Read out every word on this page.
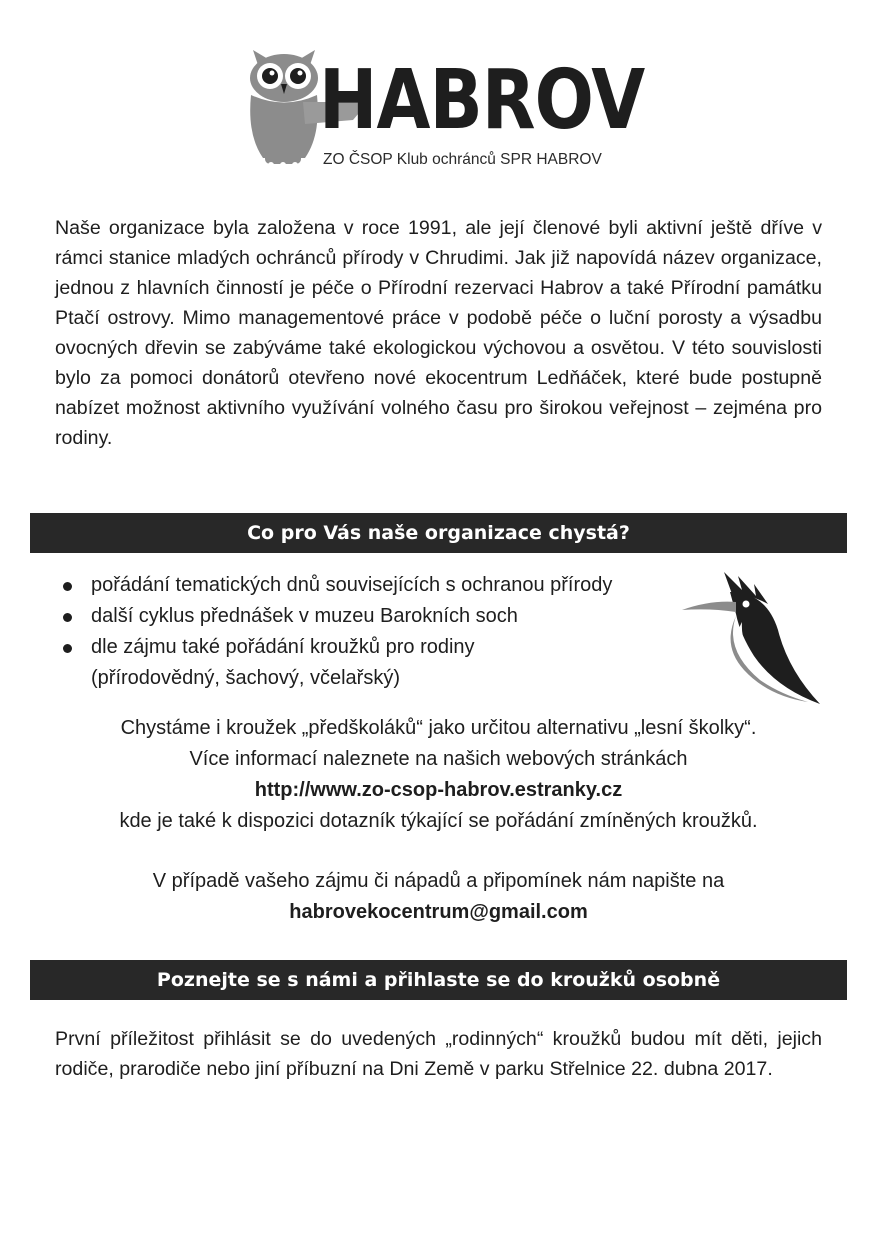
HABROV
ZO ČSOP Klub ochránců SPR HABROV

Naše organizace byla založena v roce 1991, ale její členové byli aktivní ještě dříve v rámci stanice mladých ochránců přírody v Chrudimi. Jak již napovídá název organizace, jednou z hlavních činností je péče o Přírodní rezervaci Habrov a také Přírodní památku Ptačí ostrovy. Mimo managementové práce v podobě péče o luční porosty a výsadbu ovocných dřevin se zabýváme také ekologickou výchovou a osvětou. V této souvislosti bylo za pomoci donátorů otevřeno nové ekocentrum Ledňáček, které bude postupně nabízet možnost aktivního využívání volného času pro širokou veřejnost – zejména pro rodiny.

Co pro Vás naše organizace chystá?
pořádání tematických dnů souvisejících s ochranou přírody
další cyklus přednášek v muzeu Barokních soch
dle zájmu také pořádání kroužků pro rodiny
(přírodovědný, šachový, včelařský)

Chystáme i kroužek „předškoláků“ jako určitou alternativu „lesní školky“.

Více informací naleznete na našich webových stránkách

http://www.zo-csop-habrov.estranky.cz

kde je také k dispozici dotazník týkající se pořádání zmíněných kroužků.

V případě vašeho zájmu či nápadů a připomínek nám napište na

habrovekocentrum@gmail.com

Poznejte se s námi a přihlaste se do kroužků osobně

První příležitost přihlásit se do uvedených „rodinných“ kroužků budou mít děti, jejich rodiče, prarodiče nebo jiní příbuzní na Dni Země v parku Střelnice 22. dubna 2017.
